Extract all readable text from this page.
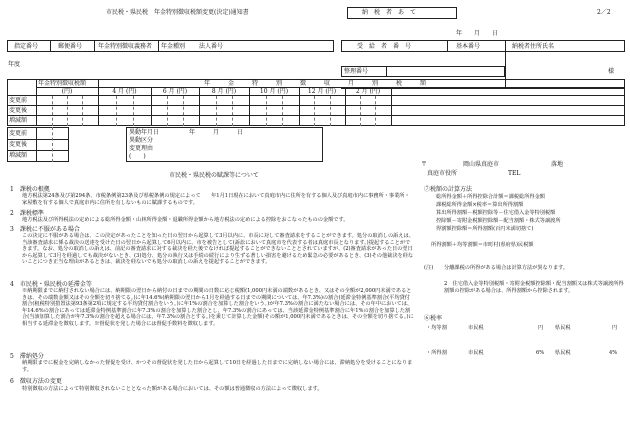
市民税・県民税　年金特別徴収税額変更(決定)通知書	納　税　者　あ　て	2／2
年　　月　　日
指定番号	郵便番号	年金特別徴収義務者 年金種別 法人番号	受　給　者　番　号	基本番号	納税者住所氏名
整理番号	様
年度
年金特別徴収税額	年　　　金　　　特　　　別　　　徴　　　収　　　月　　　別　　　税　　　額
(円)	4 月 (円)	6 月 (円)	8 月 (円)	10 月 (円)	12 月 (円)	2 月 (円)
変更前
変更後
増減額
変更前
変更後
増減額
異動年月日　　　　　年　　　月　　　日
異動区分
変更理由
(　　)
市民税・県民税の賦課等について
〒	岡山県真庭市	落地
真庭市役所	TEL
1　課税の根拠
地方税法第24条及び第294条、市税条例第23条及び県税条例の規定によって　　年1月1日現在において真庭市内に住所を有する個人及び真庭市内に事務所・事業所・家屋敷を有する個人で真庭市内に住所を有しないものに賦課するものです。
2　課税標準
地方税法及び所得税法の定めによる総所得金額・山林所得金額・退職所得金額から地方税法の定めによる控除をおこなったものの金額です。
3　課税に不服がある場合
この決定に不服がある場合は、この決定があったことを知った日の翌日から起算して3月以内に、市長に対して審査請求をすることができます。処分の取消しの訴えは、当該審査請求に係る裁決の送達を受けた日の翌日から起算して6月以内に、市を被告として(訴訟において真庭市を代表する者は真庭市長となります。)提起することができます。なお、処分の取消しの訴えは、前記の審査請求に対する裁決を経た後でなければ提起することができないこととされていますが、(2)審査請求があった日の翌日から起算して3月を経過しても裁決がないとき、(3)処分、処分の執行又は手続の続行により生ずる著しい損害を避けるため緊急の必要があるとき、(3)その他裁決を経ないことにつき正当な理由があるときは、裁決を経ないでも処分の取消しの訴えを提起することができます。
4　市民税・県民税の延滞金等
※納期限までに納付されない場合には、納期限の翌日から納付の日までの期間の日数に応じ税額(1,000円未満の端数があるとき、又はその全額が2,000円未満であるときは、その端数金額又はその全額を切り捨てる。)に年14.6%(納期限の翌日から1月を経過する日までの期間については、年7.3%)の割合(延滞金特例基準割合(平均貸付割合(租税特別措置法第93条第2項に規定する平均貸付割合をいう。)に年1%の割合を加算した割合をいう。)が年7.3%の割合に満たない場合には、その年中においては、年14.6%の割合にあっては延滞金特例基準割合に年7.3%の割合を加算した割合とし、年7.3%の割合にあっては、当該延滞金特例基準割合に年1%の割合を加算した割合(当該加算した割合が年7.3%の割合を超える場合には、年7.3%の割合とする。)を乗じて計算した金額(その額が1,000円未満であるときは、その全額を切り捨てる。)に相当する延滞金を徴収します。※督促状を発した場合には督促手数料を徴収します。
5　滞納処分
納期限までに税金を完納しなかった督促を受け、かつその督促状を発した日から起算して10日を経過した日までに完納しない場合には、滞納処分を受けることになります。
6　徴収方法の変更
特別徴収の方法によって特別徴収されないこととなった額がある場合においては、その額は普通徴収の方法によって徴収します。
⑦税額の計算方法
総所得金額＋所得控除合計額＝課税総所得金額
課税総所得金額×税率＝算出所得割額
算出所得割額－税額控除等－住宅借入金等特別税額
控除額－寄附金税額控除額－配当割額・株式等譲渡所
得割額控除額＝所得割額(百円未満切捨て)
所得割額＋均等割額＝市町村(県府県)民税額
(注) 分離課税の所得がある場合は計算方法が異なります。
2　住宅借入金等特別税額・寄附金税額控除額・配当割額又は株式等譲渡所得割額の控除がある場合は、所得割額から控除されます。
⑥税率
・均等割	市民税	円 県民税	円
・所得割	市民税	6% 県民税	4%
